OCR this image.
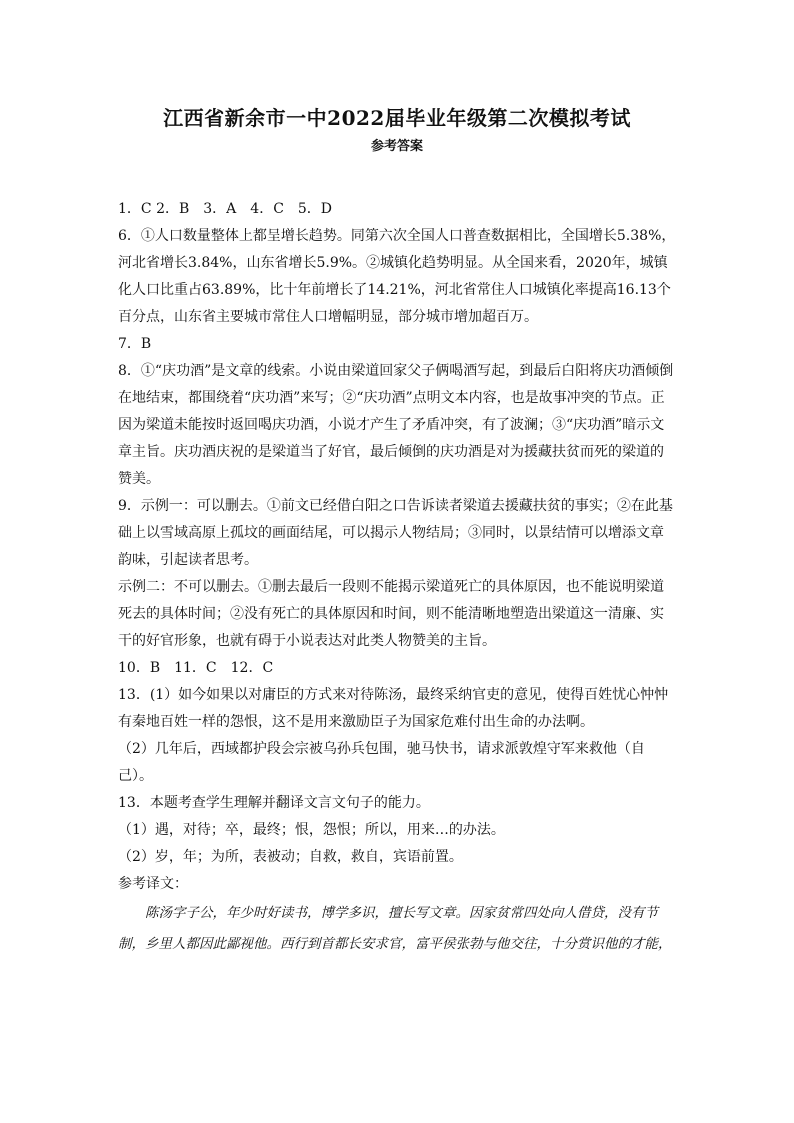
江西省新余市一中2022届毕业年级第二次模拟考试
参考答案

1．C 2．B　3．A　4．C　5．D

6．①人口数量整体上都呈增长趋势。同第六次全国人口普查数据相比，全国增长5.38%，河北省增长3.84%，山东省增长5.9%。②城镇化趋势明显。从全国来看，2020年，城镇化人口比重占63.89%，比十年前增长了14.21%，河北省常住人口城镇化率提高16.13个百分点，山东省主要城市常住人口增幅明显，部分城市增加超百万。

7．B

8．①“庆功酒”是文章的线索。小说由梁道回家父子俩喝酒写起，到最后白阳将庆功酒倾倒在地结束，都围绕着“庆功酒”来写；②“庆功酒”点明文本内容，也是故事冲突的节点。正因为梁道未能按时返回喝庆功酒，小说才产生了矛盾冲突，有了波澜；③“庆功酒”暗示文章主旨。庆功酒庆祝的是梁道当了好官，最后倾倒的庆功酒是对为援藏扶贫而死的梁道的赞美。

9．示例一：可以删去。①前文已经借白阳之口告诉读者梁道去援藏扶贫的事实；②在此基础上以雪域高原上孤坟的画面结尾，可以揭示人物结局；③同时，以景结情可以增添文章韵味，引起读者思考。

示例二：不可以删去。①删去最后一段则不能揭示梁道死亡的具体原因，也不能说明梁道死去的具体时间；②没有死亡的具体原因和时间，则不能清晰地塑造出梁道这一清廉、实干的好官形象，也就有碍于小说表达对此类人物赞美的主旨。

10．B　11．C　12．C

13．(1）如今如果以对庸臣的方式来对待陈汤，最终采纳官吏的意见，使得百姓忧心忡忡有秦地百姓一样的怨恨，这不是用来激励臣子为国家危难付出生命的办法啊。

（2）几年后，西域都护段会宗被乌孙兵包围，驰马快书，请求派敦煌守军来救他（自己）。

13．本题考查学生理解并翻译文言文句子的能力。

（1）遇，对待；卒，最终；恨，怨恨；所以，用来…的办法。

（2）岁，年；为所，表被动；自救，救自，宾语前置。

参考译文：

陈汤字子公，年少时好读书，博学多识，擅长写文章。因家贫常四处向人借贷，没有节制，乡里人都因此鄙视他。西行到首都长安求官，富平侯张勃与他交往，十分赏识他的才能，
